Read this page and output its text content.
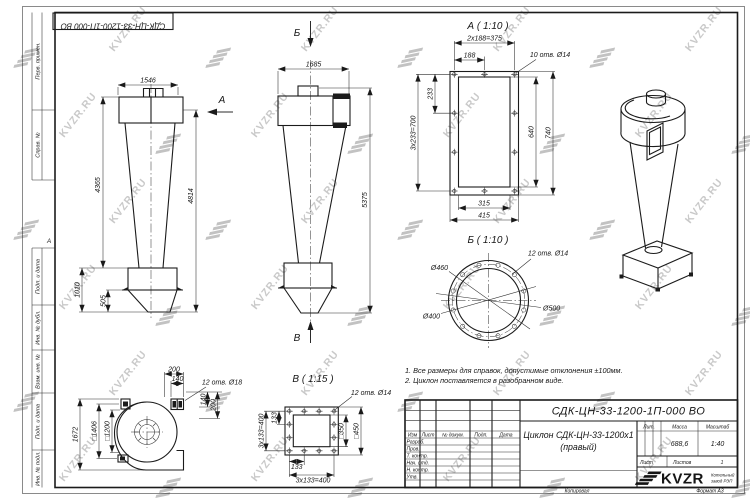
Перв. примен.
Справ. №
Подп. и дата
Инв. № дубл.
Взам. инв. №
Подп. и дата
Инв. № подл.
А
СДК-ЦН-33-1200-1П-000 ВО
1546
4365
4814
1010
505
А
Б
1685
5375
В
А ( 1:10 )
2x188=375
188	10 отв. Ø14
233
3x233=700	640 740
315
415
Б ( 1:10 )
Ø460
Ø500
Ø400
12 отв. Ø14
В ( 1:15 )
3x133=400 133
133
3x133=400
□350 □450
12 отв. Ø14
200
140	12 отв. Ø18
140 200
1672 □1406 □1200
1. Все размеры для справок, допустимые отклонения ±100мм.
2. Циклон поставляется в разобранном виде.
Изм Лист № докум. Подп. Дата
Разраб.
Пров.
Т. контр.
Нач. отд.
Н. контр.
Утв.
СДК-ЦН-33-1200-1П-000 ВО
Циклон СДК-ЦН-33-1200х1
(правый)
Лит.	Масса	Масштаб
688,6	1:40
Лист	Листов	1
KVZR Котельный
завод РЭП
Копировал	Формат А3
